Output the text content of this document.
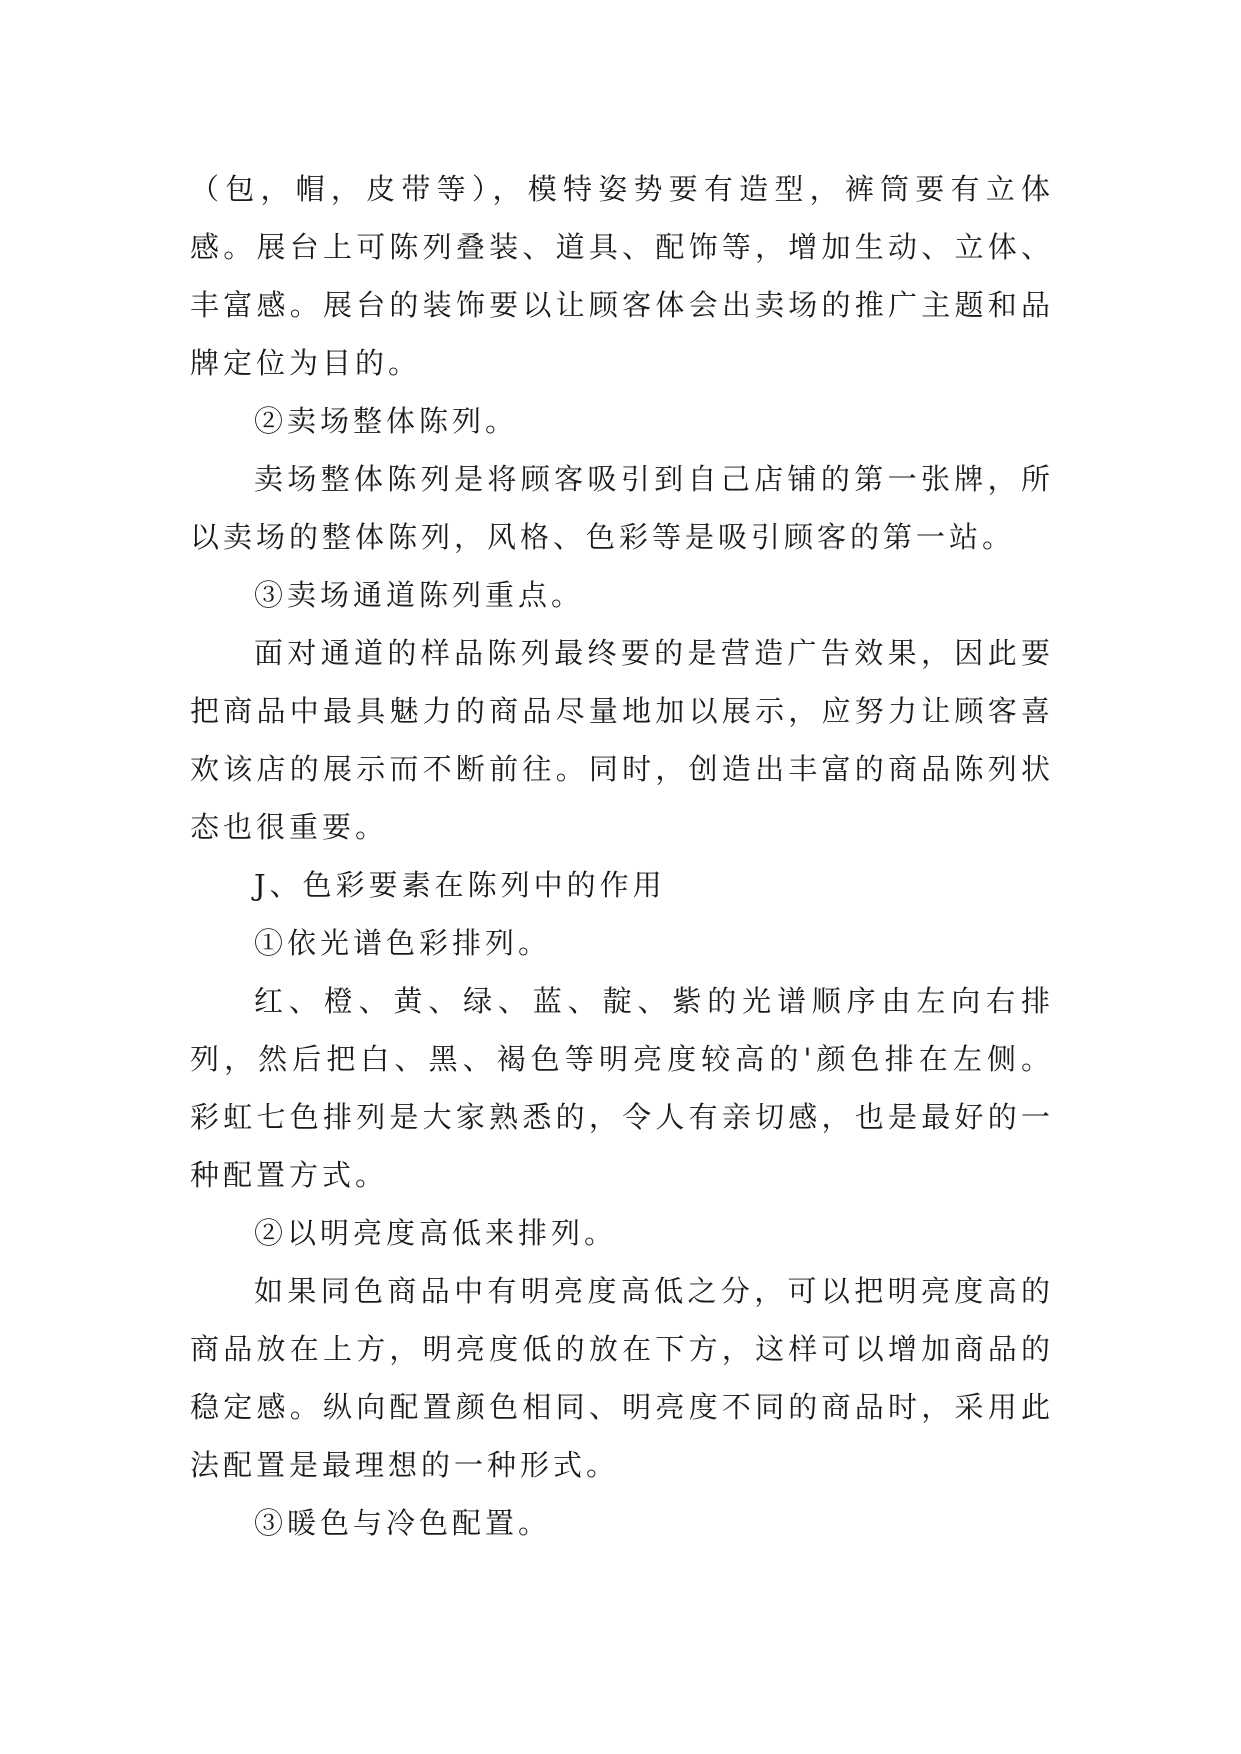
（包，帽，皮带等），模特姿势要有造型，裤筒要有立体感。展台上可陈列叠装、道具、配饰等，增加生动、立体、丰富感。展台的装饰要以让顾客体会出卖场的推广主题和品牌定位为目的。

②卖场整体陈列。

卖场整体陈列是将顾客吸引到自己店铺的第一张牌，所以卖场的整体陈列，风格、色彩等是吸引顾客的第一站。

③卖场通道陈列重点。

面对通道的样品陈列最终要的是营造广告效果，因此要把商品中最具魅力的商品尽量地加以展示，应努力让顾客喜欢该店的展示而不断前往。同时，创造出丰富的商品陈列状态也很重要。

J、色彩要素在陈列中的作用

①依光谱色彩排列。

红、橙、黄、绿、蓝、靛、紫的光谱顺序由左向右排列，然后把白、黑、褐色等明亮度较高的'颜色排在左侧。彩虹七色排列是大家熟悉的，令人有亲切感，也是最好的一种配置方式。

②以明亮度高低来排列。

如果同色商品中有明亮度高低之分，可以把明亮度高的商品放在上方，明亮度低的放在下方，这样可以增加商品的稳定感。纵向配置颜色相同、明亮度不同的商品时，采用此法配置是最理想的一种形式。

③暖色与冷色配置。
